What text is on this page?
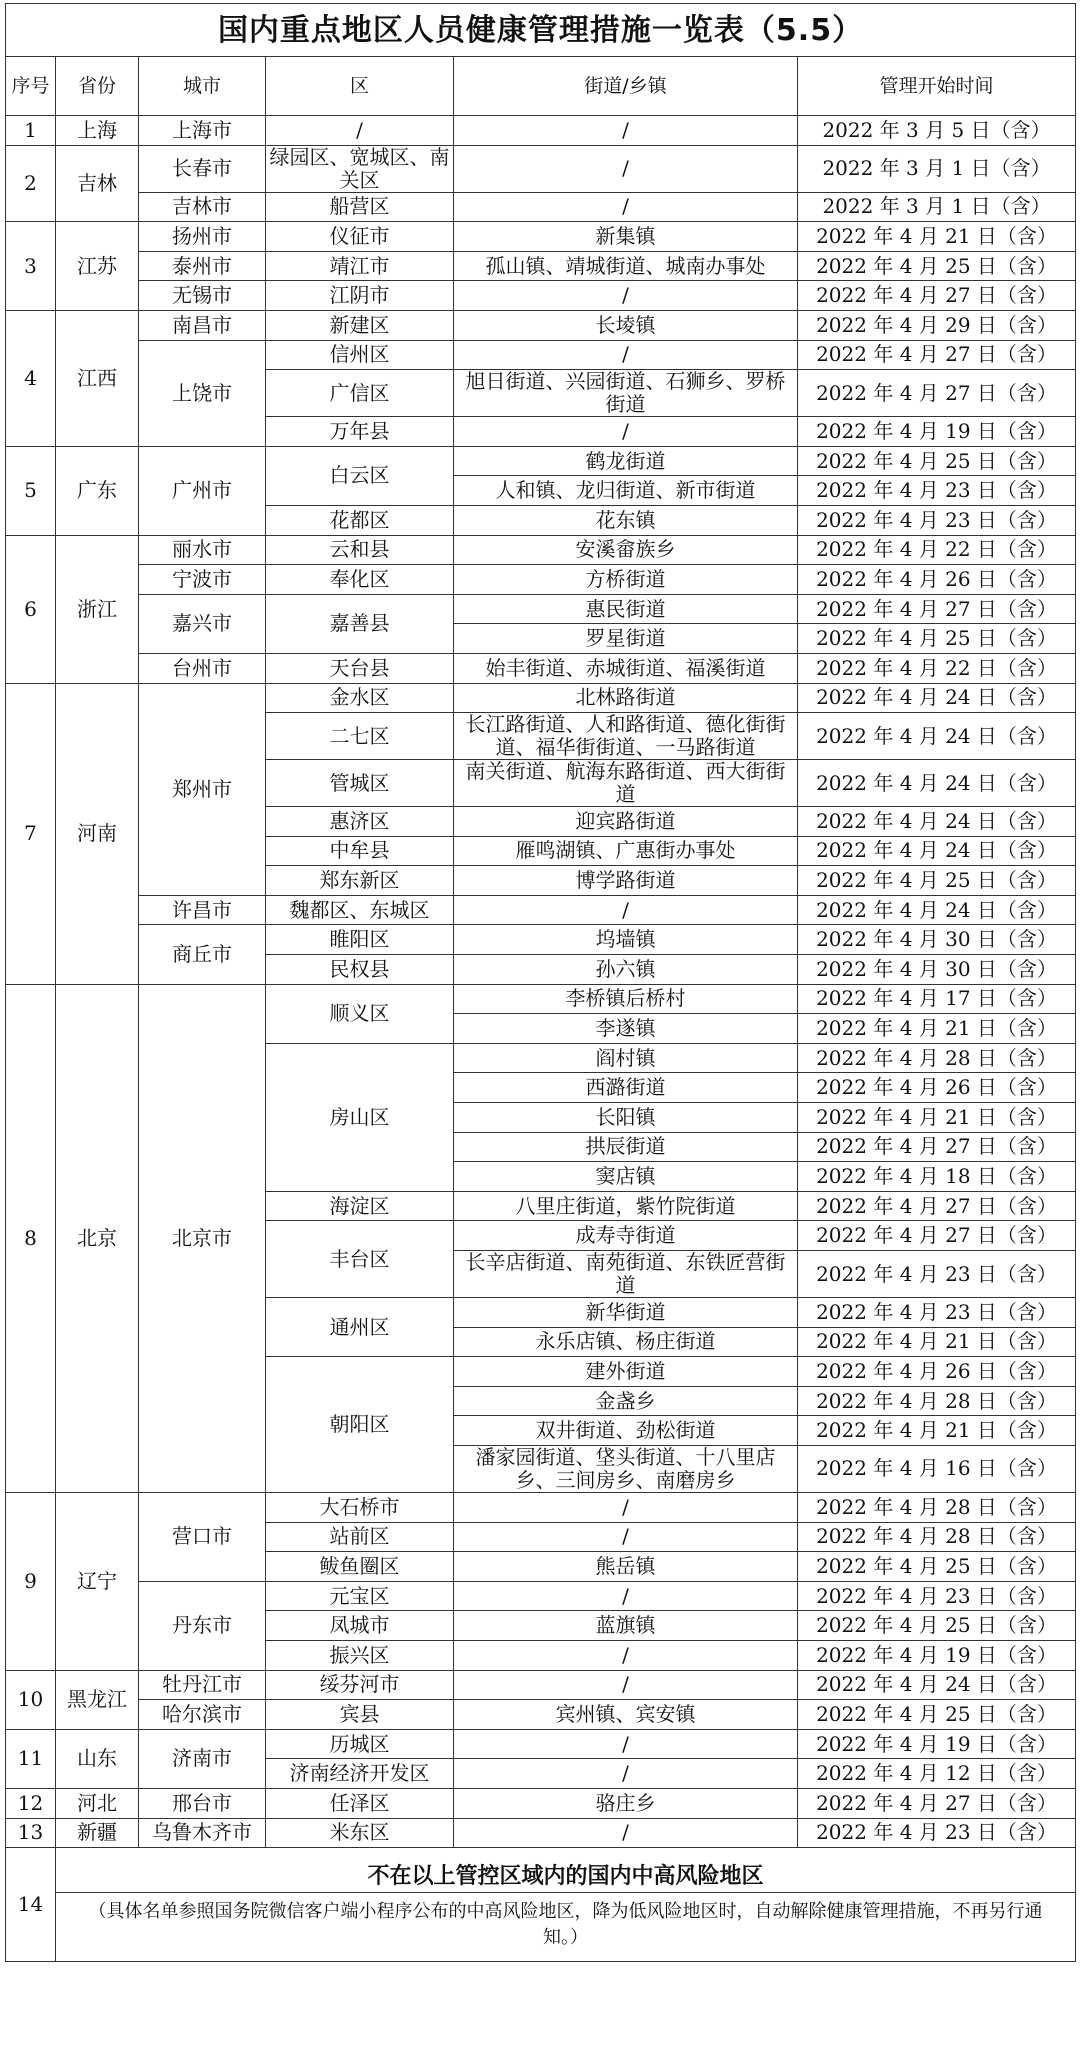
国内重点地区人员健康管理措施一览表（5.5）					
序号	省份	城市	区	街道/乡镇	管理开始时间
1	上海	上海市	/	/	2022 年 3 月 5 日（含）
2	吉林	长春市	绿园区、宽城区、南关区	/	2022 年 3 月 1 日（含）
		吉林市	船营区	/	2022 年 3 月 1 日（含）
3	江苏	扬州市	仪征市	新集镇	2022 年 4 月 21 日（含）
		泰州市	靖江市	孤山镇、靖城街道、城南办事处	2022 年 4 月 25 日（含）
		无锡市	江阴市	/	2022 年 4 月 27 日（含）
4	江西	南昌市	新建区	长堎镇	2022 年 4 月 29 日（含）
		上饶市	信州区	/	2022 年 4 月 27 日（含）
			广信区	旭日街道、兴园街道、石狮乡、罗桥街道	2022 年 4 月 27 日（含）
			万年县	/	2022 年 4 月 19 日（含）
5	广东	广州市	白云区	鹤龙街道	2022 年 4 月 25 日（含）
				人和镇、龙归街道、新市街道	2022 年 4 月 23 日（含）
			花都区	花东镇	2022 年 4 月 23 日（含）
6	浙江	丽水市	云和县	安溪畲族乡	2022 年 4 月 22 日（含）
		宁波市	奉化区	方桥街道	2022 年 4 月 26 日（含）
		嘉兴市	嘉善县	惠民街道	2022 年 4 月 27 日（含）
				罗星街道	2022 年 4 月 25 日（含）
		台州市	天台县	始丰街道、赤城街道、福溪街道	2022 年 4 月 22 日（含）
7	河南	郑州市	金水区	北林路街道	2022 年 4 月 24 日（含）
			二七区	长江路街道、人和路街道、德化街街道、福华街街道、一马路街道	2022 年 4 月 24 日（含）
			管城区	南关街道、航海东路街道、西大街街道	2022 年 4 月 24 日（含）
			惠济区	迎宾路街道	2022 年 4 月 24 日（含）
			中牟县	雁鸣湖镇、广惠街办事处	2022 年 4 月 24 日（含）
			郑东新区	博学路街道	2022 年 4 月 25 日（含）
		许昌市	魏都区、东城区	/	2022 年 4 月 24 日（含）
		商丘市	睢阳区	坞墙镇	2022 年 4 月 30 日（含）
			民权县	孙六镇	2022 年 4 月 30 日（含）
8	北京	北京市	顺义区	李桥镇后桥村	2022 年 4 月 17 日（含）
				李遂镇	2022 年 4 月 21 日（含）
			房山区	阎村镇	2022 年 4 月 28 日（含）
				西潞街道	2022 年 4 月 26 日（含）
				长阳镇	2022 年 4 月 21 日（含）
				拱辰街道	2022 年 4 月 27 日（含）
				窦店镇	2022 年 4 月 18 日（含）
			海淀区	八里庄街道，紫竹院街道	2022 年 4 月 27 日（含）
			丰台区	成寿寺街道	2022 年 4 月 27 日（含）
				长辛店街道、南苑街道、东铁匠营街道	2022 年 4 月 23 日（含）
			通州区	新华街道	2022 年 4 月 23 日（含）
				永乐店镇、杨庄街道	2022 年 4 月 21 日（含）
			朝阳区	建外街道	2022 年 4 月 26 日（含）
				金盏乡	2022 年 4 月 28 日（含）
				双井街道、劲松街道	2022 年 4 月 21 日（含）
				潘家园街道、垡头街道、十八里店乡、三间房乡、南磨房乡	2022 年 4 月 16 日（含）
9	辽宁	营口市	大石桥市	/	2022 年 4 月 28 日（含）
			站前区	/	2022 年 4 月 28 日（含）
			鲅鱼圈区	熊岳镇	2022 年 4 月 25 日（含）
		丹东市	元宝区	/	2022 年 4 月 23 日（含）
			凤城市	蓝旗镇	2022 年 4 月 25 日（含）
			振兴区	/	2022 年 4 月 19 日（含）
10	黑龙江	牡丹江市	绥芬河市	/	2022 年 4 月 24 日（含）
		哈尔滨市	宾县	宾州镇、宾安镇	2022 年 4 月 25 日（含）
11	山东	济南市	历城区	/	2022 年 4 月 19 日（含）
			济南经济开发区	/	2022 年 4 月 12 日（含）
12	河北	邢台市	任泽区	骆庄乡	2022 年 4 月 27 日（含）
13	新疆	乌鲁木齐市	米东区	/	2022 年 4 月 23 日（含）
14	不在以上管控区域内的国内中高风险地区				
	（具体名单参照国务院微信客户端小程序公布的中高风险地区，降为低风险地区时，自动解除健康管理措施，不再另行通知。）				
